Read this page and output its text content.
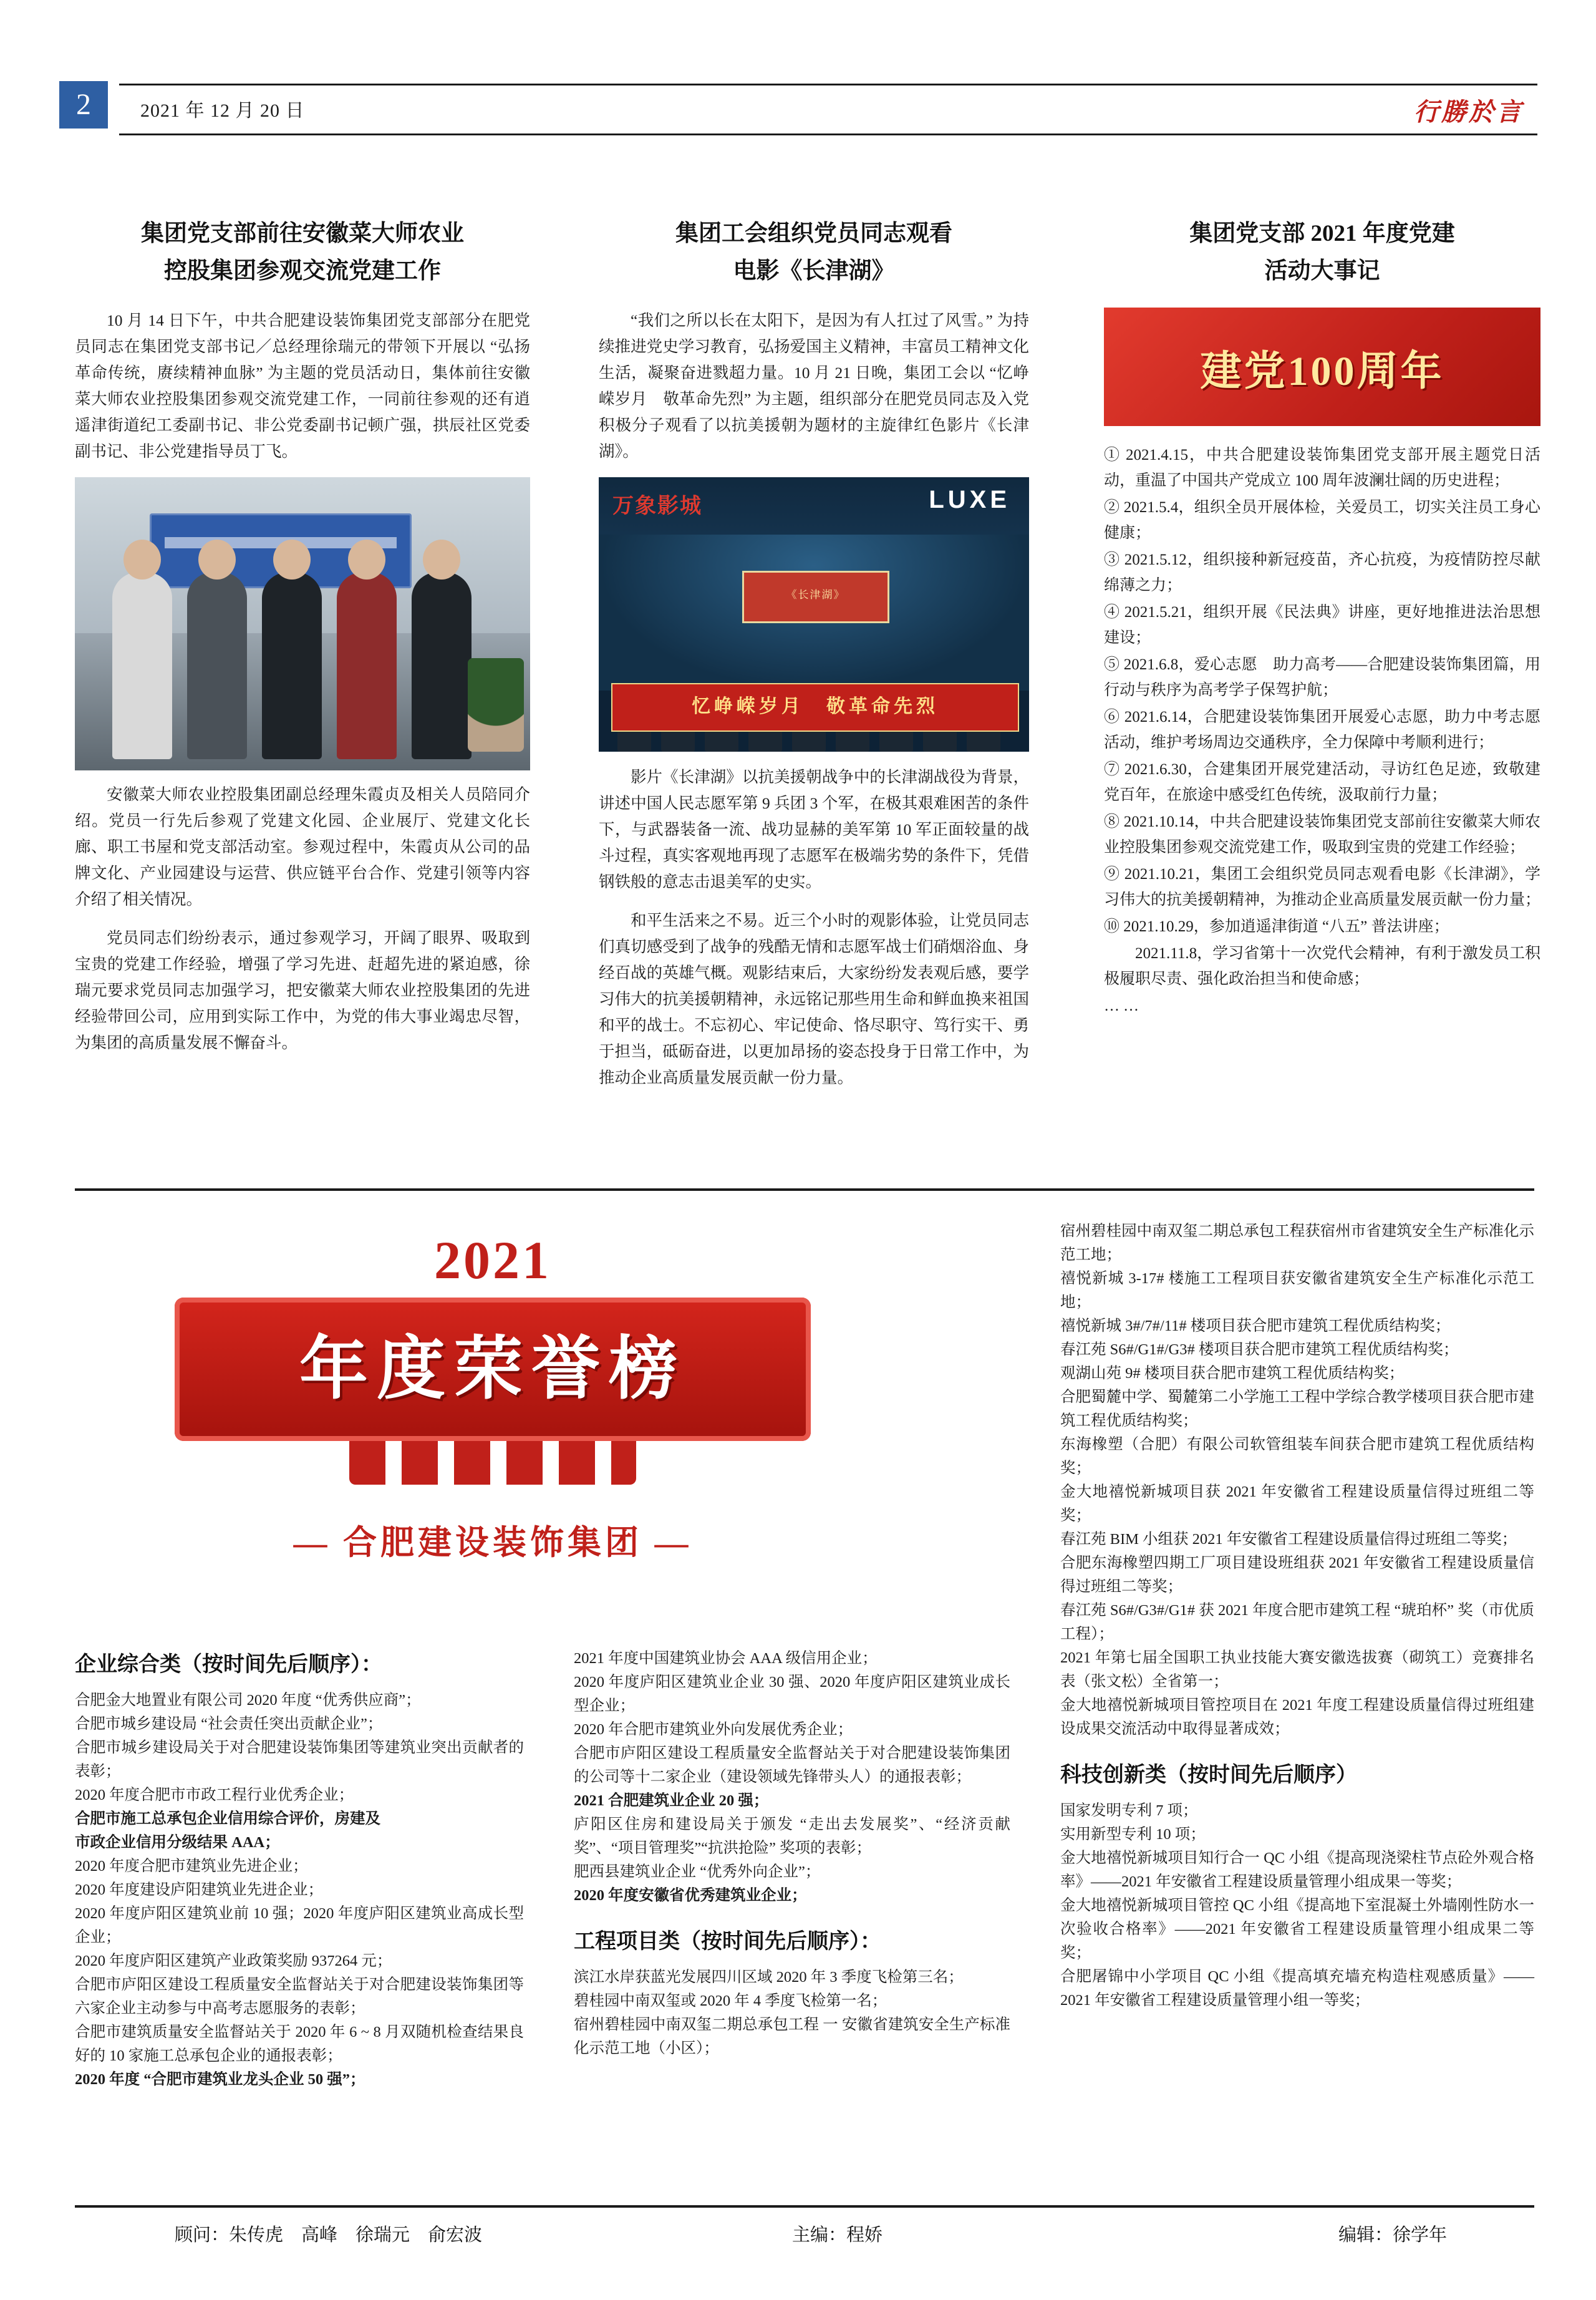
2	2021 年 12 月 20 日	行勝於言
集团党支部前往安徽菜大师农业
控股集团参观交流党建工作

10 月 14 日下午，中共合肥建设装饰集团党支部部分在肥党员同志在集团党支部书记／总经理徐瑞元的带领下开展以 “弘扬革命传统，赓续精神血脉” 为主题的党员活动日，集体前往安徽菜大师农业控股集团参观交流党建工作，一同前往参观的还有逍遥津街道纪工委副书记、非公党委副书记顿广强，拱辰社区党委副书记、非公党建指导员丁飞。

安徽菜大师农业控股集团副总经理朱霞贞及相关人员陪同介绍。党员一行先后参观了党建文化园、企业展厅、党建文化长廊、职工书屋和党支部活动室。参观过程中，朱霞贞从公司的品牌文化、产业园建设与运营、供应链平台合作、党建引领等内容介绍了相关情况。

党员同志们纷纷表示，通过参观学习，开阔了眼界、吸取到宝贵的党建工作经验，增强了学习先进、赶超先进的紧迫感，徐瑞元要求党员同志加强学习，把安徽菜大师农业控股集团的先进经验带回公司，应用到实际工作中，为党的伟大事业竭忠尽智，为集团的高质量发展不懈奋斗。

集团工会组织党员同志观看
电影《长津湖》

“我们之所以长在太阳下，是因为有人扛过了风雪。” 为持续推进党史学习教育，弘扬爱国主义精神，丰富员工精神文化生活，凝聚奋进戮超力量。10 月 21 日晚，集团工会以 “忆峥嵘岁月　敬革命先烈” 为主题，组织部分在肥党员同志及入党积极分子观看了以抗美援朝为题材的主旋律红色影片《长津湖》。

万象影城	LUXE
《长津湖》
忆峥嵘岁月　敬革命先烈

影片《长津湖》以抗美援朝战争中的长津湖战役为背景，讲述中国人民志愿军第 9 兵团 3 个军，在极其艰难困苦的条件下，与武器装备一流、战功显赫的美军第 10 军正面较量的战斗过程，真实客观地再现了志愿军在极端劣势的条件下，凭借钢铁般的意志击退美军的史实。

和平生活来之不易。近三个小时的观影体验，让党员同志们真切感受到了战争的残酷无情和志愿军战士们硝烟浴血、身经百战的英雄气概。观影结束后，大家纷纷发表观后感，要学习伟大的抗美援朝精神，永远铭记那些用生命和鲜血换来祖国和平的战士。不忘初心、牢记使命、恪尽职守、笃行实干、勇于担当，砥砺奋进，以更加昂扬的姿态投身于日常工作中，为推动企业高质量发展贡献一份力量。

集团党支部 2021 年度党建
活动大事记
建党100周年

① 2021.4.15，中共合肥建设装饰集团党支部开展主题党日活动，重温了中国共产党成立 100 周年波澜壮阔的历史进程；

② 2021.5.4，组织全员开展体检，关爱员工，切实关注员工身心健康；

③ 2021.5.12，组织接种新冠疫苗，齐心抗疫，为疫情防控尽献绵薄之力；

④ 2021.5.21，组织开展《民法典》讲座，更好地推进法治思想建设；

⑤ 2021.6.8，爱心志愿　助力高考——合肥建设装饰集团篇，用行动与秩序为高考学子保驾护航；

⑥ 2021.6.14，合肥建设装饰集团开展爱心志愿，助力中考志愿活动，维护考场周边交通秩序，全力保障中考顺利进行；

⑦ 2021.6.30，合建集团开展党建活动，寻访红色足迹，致敬建党百年，在旅途中感受红色传统，汲取前行力量；

⑧ 2021.10.14，中共合肥建设装饰集团党支部前往安徽菜大师农业控股集团参观交流党建工作，吸取到宝贵的党建工作经验；

⑨ 2021.10.21，集团工会组织党员同志观看电影《长津湖》，学习伟大的抗美援朝精神，为推动企业高质量发展贡献一份力量；

⑩ 2021.10.29，参加逍遥津街道 “八五” 普法讲座；

2021.11.8，学习省第十一次党代会精神，有利于激发员工积极履职尽责、强化政治担当和使命感；

……

2021
年度荣誉榜
— 合肥建设装饰集团 —
企业综合类（按时间先后顺序）：

合肥金大地置业有限公司 2020 年度 “优秀供应商”；

合肥市城乡建设局 “社会责任突出贡献企业”；

合肥市城乡建设局关于对合肥建设装饰集团等建筑业突出贡献者的表彰；

2020 年度合肥市市政工程行业优秀企业；

合肥市施工总承包企业信用综合评价，房建及

市政企业信用分级结果 AAA；

2020 年度合肥市建筑业先进企业；

2020 年度建设庐阳建筑业先进企业；

2020 年度庐阳区建筑业前 10 强；2020 年度庐阳区建筑业高成长型企业；

2020 年度庐阳区建筑产业政策奖励 937264 元；

合肥市庐阳区建设工程质量安全监督站关于对合肥建设装饰集团等六家企业主动参与中高考志愿服务的表彰；

合肥市建筑质量安全监督站关于 2020 年 6 ~ 8 月双随机检查结果良好的 10 家施工总承包企业的通报表彰；

2020 年度 “合肥市建筑业龙头企业 50 强”；

2021 年度中国建筑业协会 AAA 级信用企业；

2020 年度庐阳区建筑业企业 30 强、2020 年度庐阳区建筑业成长型企业；

2020 年合肥市建筑业外向发展优秀企业；

合肥市庐阳区建设工程质量安全监督站关于对合肥建设装饰集团的公司等十二家企业（建设领域先锋带头人）的通报表彰；

2021 合肥建筑业企业 20 强；

庐阳区住房和建设局关于颁发 “走出去发展奖”、“经济贡献奖”、“项目管理奖”“抗洪抢险” 奖项的表彰；

肥西县建筑业企业 “优秀外向企业”；

2020 年度安徽省优秀建筑业企业；

工程项目类（按时间先后顺序）：

滨江水岸获蓝光发展四川区域 2020 年 3 季度飞检第三名；

碧桂园中南双玺或 2020 年 4 季度飞检第一名；

宿州碧桂园中南双玺二期总承包工程 一 安徽省建筑安全生产标准化示范工地（小区）；

宿州碧桂园中南双玺二期总承包工程获宿州市省建筑安全生产标准化示范工地；

禧悦新城 3-17# 楼施工工程项目获安徽省建筑安全生产标准化示范工地；

禧悦新城 3#/7#/11# 楼项目获合肥市建筑工程优质结构奖；

春江苑 S6#/G1#/G3# 楼项目获合肥市建筑工程优质结构奖；

观湖山苑 9# 楼项目获合肥市建筑工程优质结构奖；

合肥蜀麓中学、蜀麓第二小学施工工程中学综合教学楼项目获合肥市建筑工程优质结构奖；

东海橡塑（合肥）有限公司软管组装车间获合肥市建筑工程优质结构奖；

金大地禧悦新城项目获 2021 年安徽省工程建设质量信得过班组二等奖；

春江苑 BIM 小组获 2021 年安徽省工程建设质量信得过班组二等奖；

合肥东海橡塑四期工厂项目建设班组获 2021 年安徽省工程建设质量信得过班组二等奖；

春江苑 S6#/G3#/G1# 获 2021 年度合肥市建筑工程 “琥珀杯” 奖（市优质工程）；

2021 年第七届全国职工执业技能大赛安徽选拔赛（砌筑工）竞赛排名表（张文松）全省第一；

金大地禧悦新城项目管控项目在 2021 年度工程建设质量信得过班组建设成果交流活动中取得显著成效；

科技创新类（按时间先后顺序）

国家发明专利 7 项；

实用新型专利 10 项；

金大地禧悦新城项目知行合一 QC 小组《提高现浇梁柱节点砼外观合格率》——2021 年安徽省工程建设质量管理小组成果一等奖；

金大地禧悦新城项目管控 QC 小组《提高地下室混凝土外墙刚性防水一次验收合格率》——2021 年安徽省工程建设质量管理小组成果二等奖；

合肥屠锦中小学项目 QC 小组《提高填充墙充构造柱观感质量》——2021 年安徽省工程建设质量管理小组一等奖；

顾问：朱传虎　高峰　徐瑞元　俞宏波	主编：程娇	编辑：徐学年
